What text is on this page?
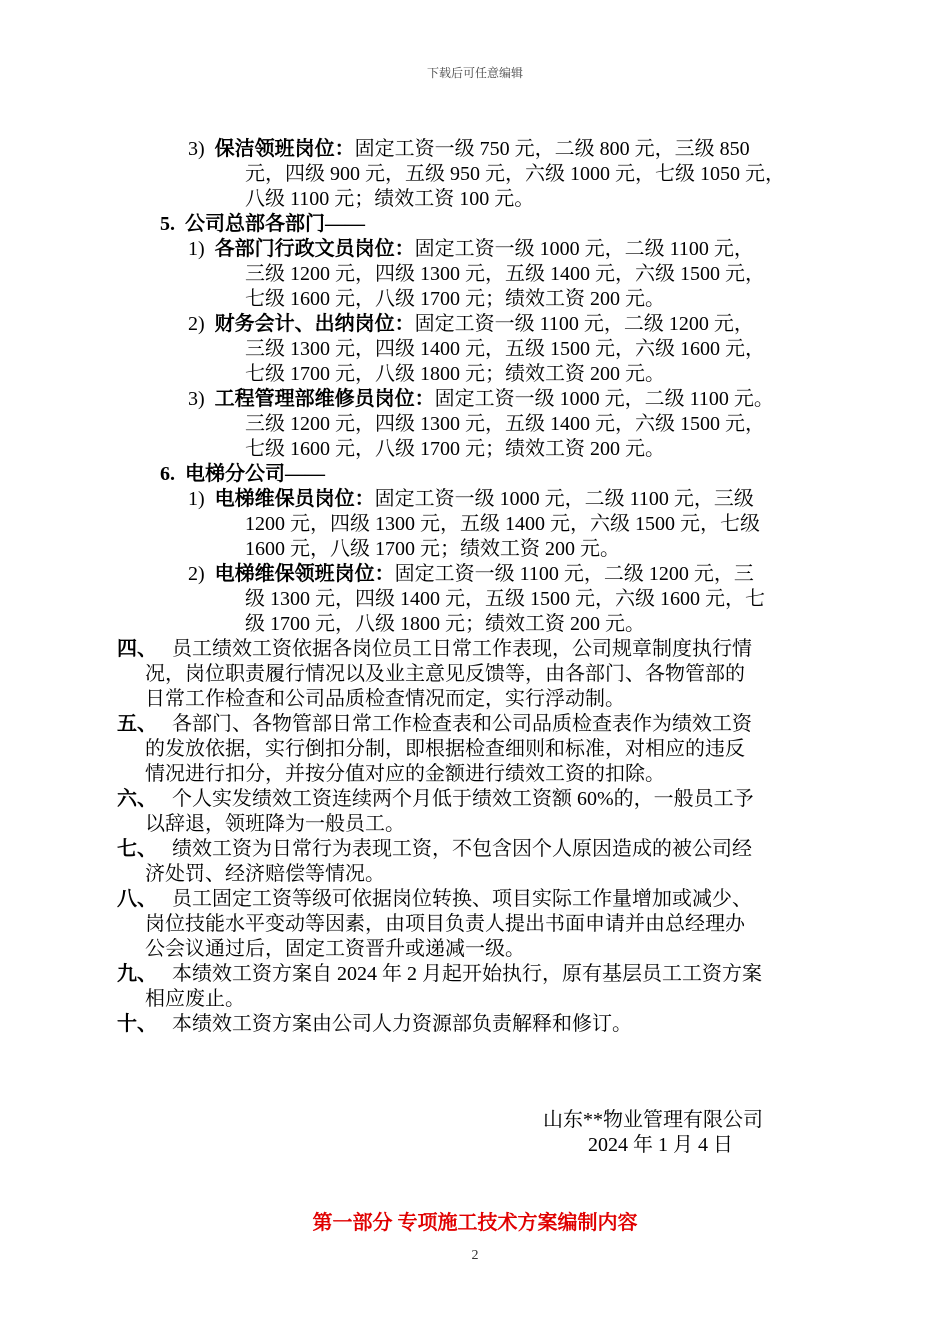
下载后可任意编辑
3) 保洁领班岗位：固定工资一级 750 元，二级 800 元，三级 850
元，四级 900 元，五级 950 元，六级 1000 元，七级 1050 元，
八级 1100 元；绩效工资 100 元。
5. 公司总部各部门——
1) 各部门行政文员岗位：固定工资一级 1000 元，二级 1100 元，
三级 1200 元，四级 1300 元，五级 1400 元，六级 1500 元，
七级 1600 元，八级 1700 元；绩效工资 200 元。
2) 财务会计、出纳岗位：固定工资一级 1100 元，二级 1200 元，
三级 1300 元，四级 1400 元，五级 1500 元，六级 1600 元，
七级 1700 元，八级 1800 元；绩效工资 200 元。
3) 工程管理部维修员岗位：固定工资一级 1000 元，二级 1100 元。
三级 1200 元，四级 1300 元，五级 1400 元，六级 1500 元，
七级 1600 元，八级 1700 元；绩效工资 200 元。
6. 电梯分公司——
1) 电梯维保员岗位：固定工资一级 1000 元，二级 1100 元，三级
1200 元，四级 1300 元，五级 1400 元，六级 1500 元，七级
1600 元，八级 1700 元；绩效工资 200 元。
2) 电梯维保领班岗位：固定工资一级 1100 元，二级 1200 元，三
级 1300 元，四级 1400 元，五级 1500 元，六级 1600 元，七
级 1700 元，八级 1800 元；绩效工资 200 元。
四、 员工绩效工资依据各岗位员工日常工作表现，公司规章制度执行情
况，岗位职责履行情况以及业主意见反馈等，由各部门、各物管部的
日常工作检查和公司品质检查情况而定，实行浮动制。
五、 各部门、各物管部日常工作检查表和公司品质检查表作为绩效工资
的发放依据，实行倒扣分制，即根据检查细则和标准，对相应的违反
情况进行扣分，并按分值对应的金额进行绩效工资的扣除。
六、 个人实发绩效工资连续两个月低于绩效工资额 60%的，一般员工予
以辞退，领班降为一般员工。
七、 绩效工资为日常行为表现工资，不包含因个人原因造成的被公司经
济处罚、经济赔偿等情况。
八、 员工固定工资等级可依据岗位转换、项目实际工作量增加或减少、
岗位技能水平变动等因素，由项目负责人提出书面申请并由总经理办
公会议通过后，固定工资晋升或递减一级。
九、 本绩效工资方案自 2024 年 2 月起开始执行，原有基层员工工资方案
相应废止。
十、 本绩效工资方案由公司人力资源部负责解释和修订。
山东**物业管理有限公司
2024 年 1 月 4 日
第一部分 专项施工技术方案编制内容
2
